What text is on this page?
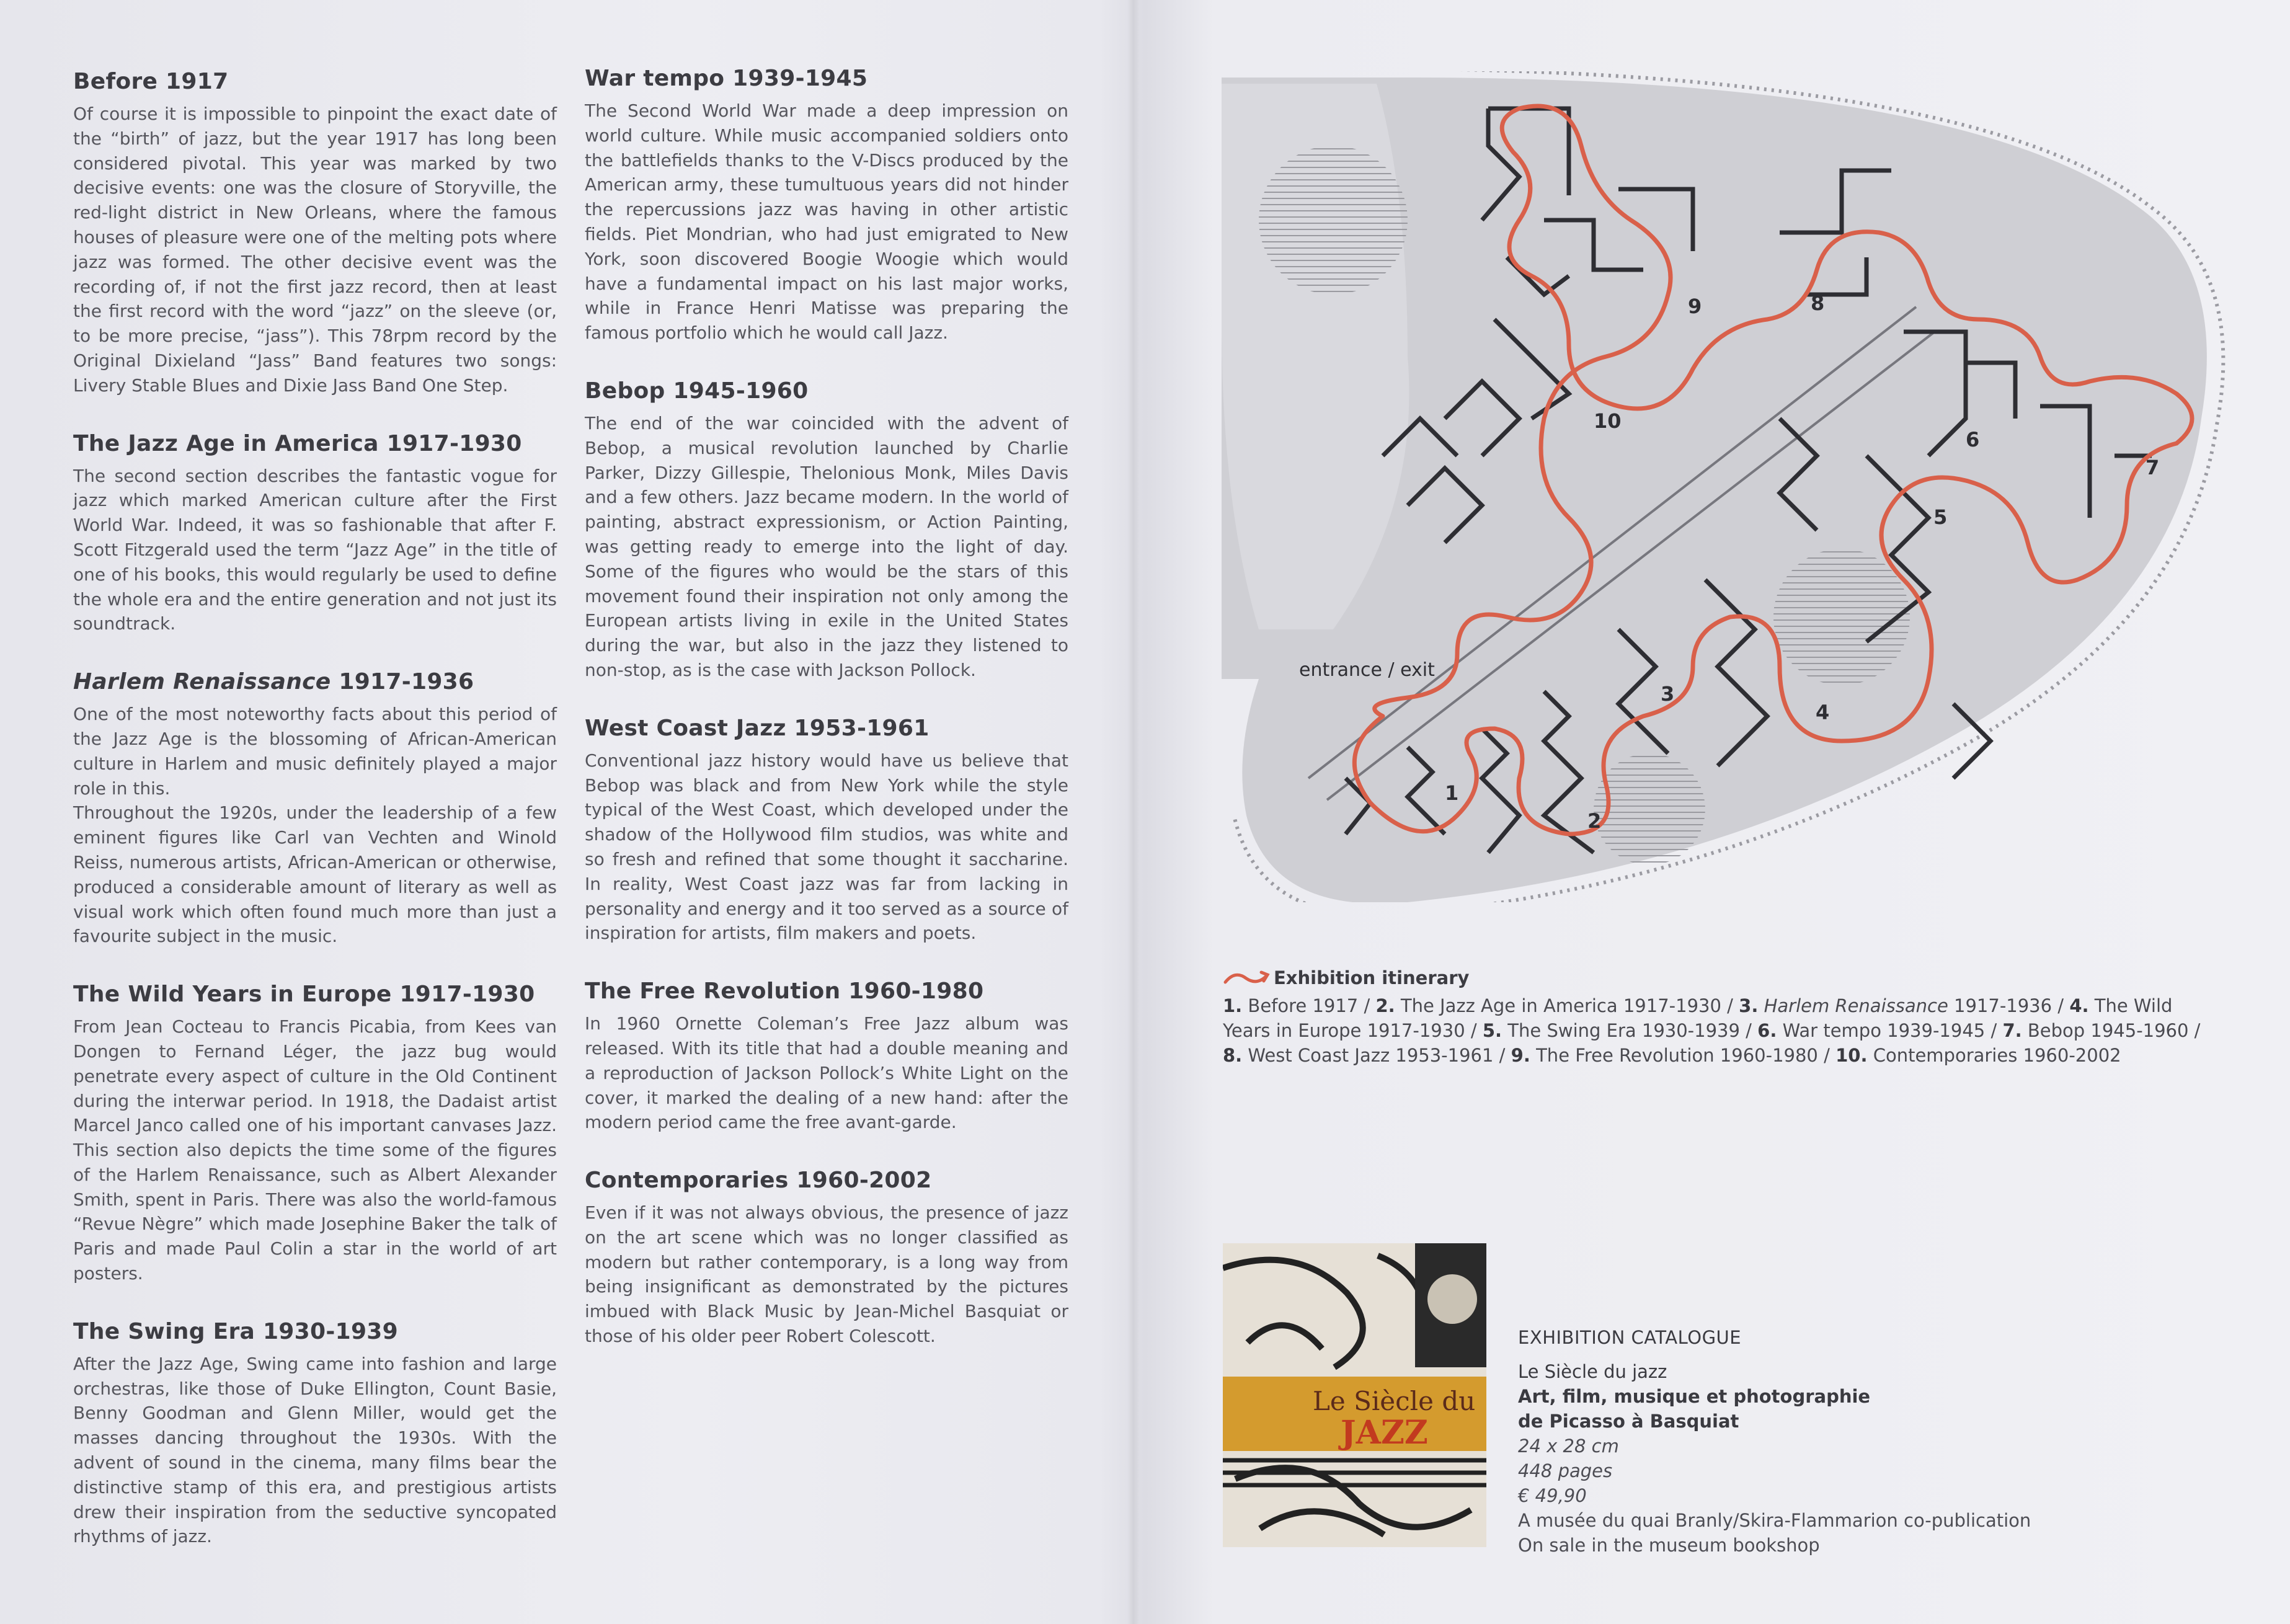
Before 1917

Of course it is impossible to pinpoint the exact date of the “birth” of jazz, but the year 1917 has long been considered pivotal. This year was marked by two decisive events: one was the closure of Storyville, the red-light district in New Orleans, where the famous houses of pleasure were one of the melting pots where jazz was formed. The other decisive event was the recording of, if not the first jazz record, then at least the first record with the word “jazz” on the sleeve (or, to be more precise, “jass”). This 78rpm record by the Original Dixieland “Jass” Band features two songs: Livery Stable Blues and Dixie Jass Band One Step.

The Jazz Age in America 1917-1930

The second section describes the fantastic vogue for jazz which marked American culture after the First World War. Indeed, it was so fashionable that after F. Scott Fitzgerald used the term “Jazz Age” in the title of one of his books, this would regularly be used to define the whole era and the entire generation and not just its soundtrack.

Harlem Renaissance 1917-1936

One of the most noteworthy facts about this period of the Jazz Age is the blossoming of African-American culture in Harlem and music definitely played a major role in this.

Throughout the 1920s, under the leadership of a few eminent figures like Carl van Vechten and Winold Reiss, numerous artists, African-American or otherwise, produced a considerable amount of literary as well as visual work which often found much more than just a favourite subject in the music.

The Wild Years in Europe 1917-1930

From Jean Cocteau to Francis Picabia, from Kees van Dongen to Fernand Léger, the jazz bug would penetrate every aspect of culture in the Old Continent during the interwar period. In 1918, the Dadaist artist Marcel Janco called one of his important canvases Jazz. This section also depicts the time some of the figures of the Harlem Renaissance, such as Albert Alexander Smith, spent in Paris. There was also the world-famous “Revue Nègre” which made Josephine Baker the talk of Paris and made Paul Colin a star in the world of art posters.

The Swing Era 1930-1939

After the Jazz Age, Swing came into fashion and large orchestras, like those of Duke Ellington, Count Basie, Benny Goodman and Glenn Miller, would get the masses dancing throughout the 1930s. With the advent of sound in the cinema, many films bear the distinctive stamp of this era, and prestigious artists drew their inspiration from the seductive syncopated rhythms of jazz.

War tempo 1939-1945

The Second World War made a deep impression on world culture. While music accompanied soldiers onto the battlefields thanks to the V-Discs produced by the American army, these tumultuous years did not hinder the repercussions jazz was having in other artistic fields. Piet Mondrian, who had just emigrated to New York, soon discovered Boogie Woogie which would have a fundamental impact on his last major works, while in France Henri Matisse was preparing the famous portfolio which he would call Jazz.

Bebop 1945-1960

The end of the war coincided with the advent of Bebop, a musical revolution launched by Charlie Parker, Dizzy Gillespie, Thelonious Monk, Miles Davis and a few others. Jazz became modern. In the world of painting, abstract expressionism, or Action Painting, was getting ready to emerge into the light of day. Some of the figures who would be the stars of this movement found their inspiration not only among the European artists living in exile in the United States during the war, but also in the jazz they listened to non-stop, as is the case with Jackson Pollock.

West Coast Jazz 1953-1961

Conventional jazz history would have us believe that Bebop was black and from New York while the style typical of the West Coast, which developed under the shadow of the Hollywood film studios, was white and so fresh and refined that some thought it saccharine. In reality, West Coast jazz was far from lacking in personality and energy and it too served as a source of inspiration for artists, film makers and poets.

The Free Revolution 1960-1980

In 1960 Ornette Coleman’s Free Jazz album was released. With its title that had a double meaning and a reproduction of Jackson Pollock’s White Light on the cover, it marked the dealing of a new hand: after the modern period came the free avant-garde.

Contemporaries 1960-2002

Even if it was not always obvious, the presence of jazz on the art scene which was no longer classified as modern but rather contemporary, is a long way from being insignificant as demonstrated by the pictures imbued with Black Music by Jean-Michel Basquiat or those of his older peer Robert Colescott.

1
2
3
4
5
6
7
8
9
10
entrance / exit
Exhibition itinerary
1. Before 1917 / 2. The Jazz Age in America 1917-1930 / 3. Harlem Renaissance 1917-1936 / 4. The Wild Years in Europe 1917-1930 / 5. The Swing Era 1930-1939 / 6. War tempo 1939-1945 / 7. Bebop 1945-1960 / 8. West Coast Jazz 1953-1961 / 9. The Free Revolution 1960-1980 / 10. Contemporaries 1960-2002
Le Siècle du
JAZZ
EXHIBITION CATALOGUE
Le Siècle du jazz
Art, film, musique et photographie
de Picasso à Basquiat
24 x 28 cm
448 pages
€ 49,90
A musée du quai Branly/Skira-Flammarion co-publication
On sale in the museum bookshop
